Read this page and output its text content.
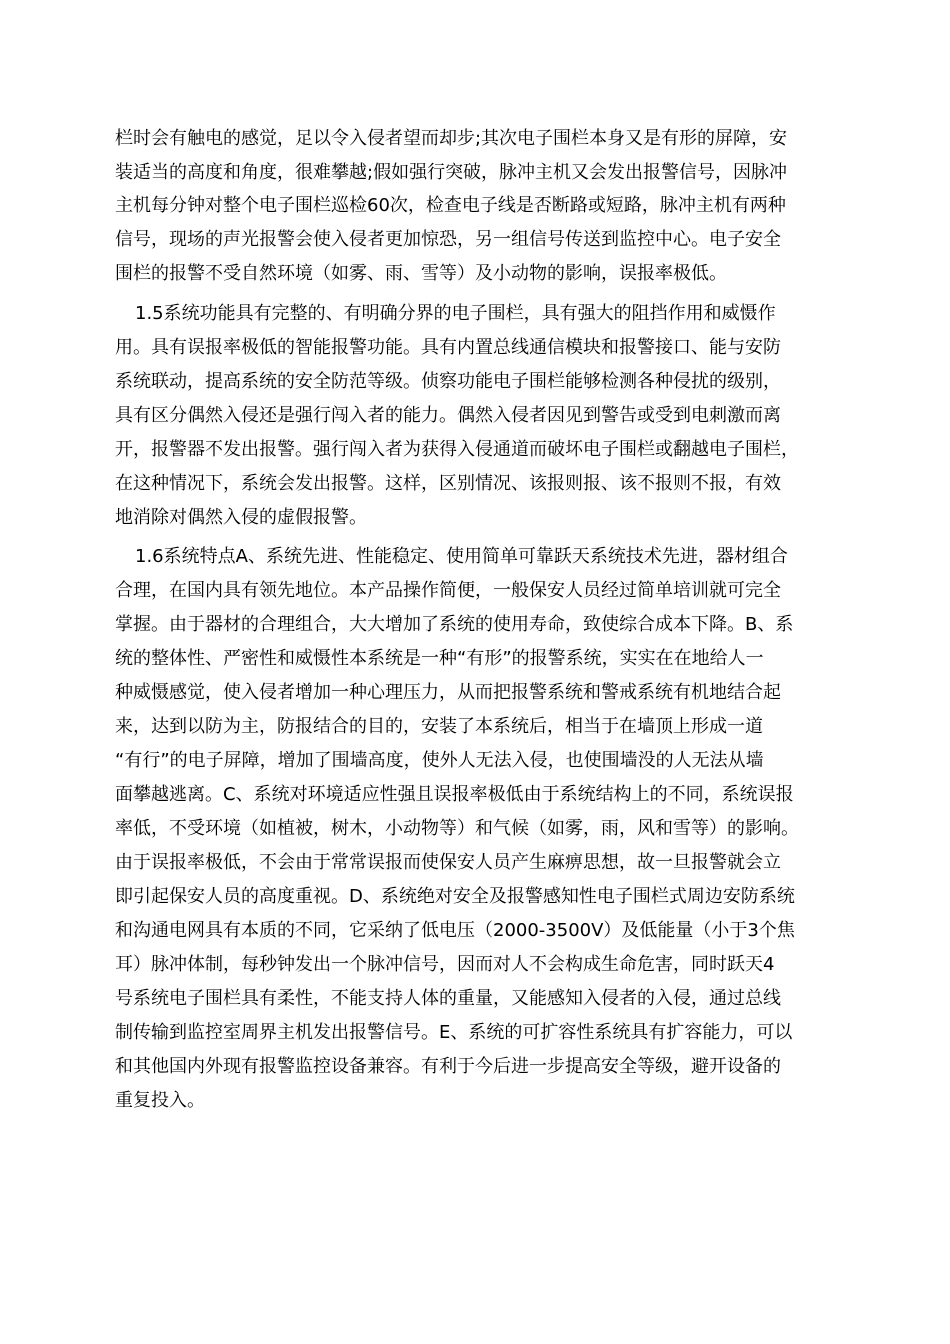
栏时会有触电的感觉，足以令入侵者望而却步;其次电子围栏本身又是有形的屏障，安
装适当的高度和角度，很难攀越;假如强行突破，脉冲主机又会发出报警信号，因脉冲
主机每分钟对整个电子围栏巡检60次，检查电子线是否断路或短路，脉冲主机有两种
信号，现场的声光报警会使入侵者更加惊恐，另一组信号传送到监控中心。电子安全
围栏的报警不受自然环境（如雾、雨、雪等）及小动物的影响，误报率极低。
1.5系统功能具有完整的、有明确分界的电子围栏，具有强大的阻挡作用和威慑作
用。具有误报率极低的智能报警功能。具有内置总线通信模块和报警接口、能与安防
系统联动，提高系统的安全防范等级。侦察功能电子围栏能够检测各种侵扰的级别，
具有区分偶然入侵还是强行闯入者的能力。偶然入侵者因见到警告或受到电刺激而离
开，报警器不发出报警。强行闯入者为获得入侵通道而破坏电子围栏或翻越电子围栏，
在这种情况下，系统会发出报警。这样，区别情况、该报则报、该不报则不报，有效
地消除对偶然入侵的虚假报警。
1.6系统特点A、系统先进、性能稳定、使用简单可靠跃天系统技术先进，器材组合
合理，在国内具有领先地位。本产品操作简便，一般保安人员经过简单培训就可完全
掌握。由于器材的合理组合，大大增加了系统的使用寿命，致使综合成本下降。B、系
统的整体性、严密性和威慑性本系统是一种“有形”的报警系统，实实在在地给人一
种威慑感觉，使入侵者增加一种心理压力，从而把报警系统和警戒系统有机地结合起
来，达到以防为主，防报结合的目的，安装了本系统后，相当于在墙顶上形成一道
“有行”的电子屏障，增加了围墙高度，使外人无法入侵，也使围墙没的人无法从墙
面攀越逃离。C、系统对环境适应性强且误报率极低由于系统结构上的不同，系统误报
率低，不受环境（如植被，树木，小动物等）和气候（如雾，雨，风和雪等）的影响。
由于误报率极低，不会由于常常误报而使保安人员产生麻痹思想，故一旦报警就会立
即引起保安人员的高度重视。D、系统绝对安全及报警感知性电子围栏式周边安防系统
和沟通电网具有本质的不同，它采纳了低电压（2000-3500V）及低能量（小于3个焦
耳）脉冲体制，每秒钟发出一个脉冲信号，因而对人不会构成生命危害，同时跃天4
号系统电子围栏具有柔性，不能支持人体的重量，又能感知入侵者的入侵，通过总线
制传输到监控室周界主机发出报警信号。E、系统的可扩容性系统具有扩容能力，可以
和其他国内外现有报警监控设备兼容。有利于今后进一步提高安全等级，避开设备的
重复投入。
